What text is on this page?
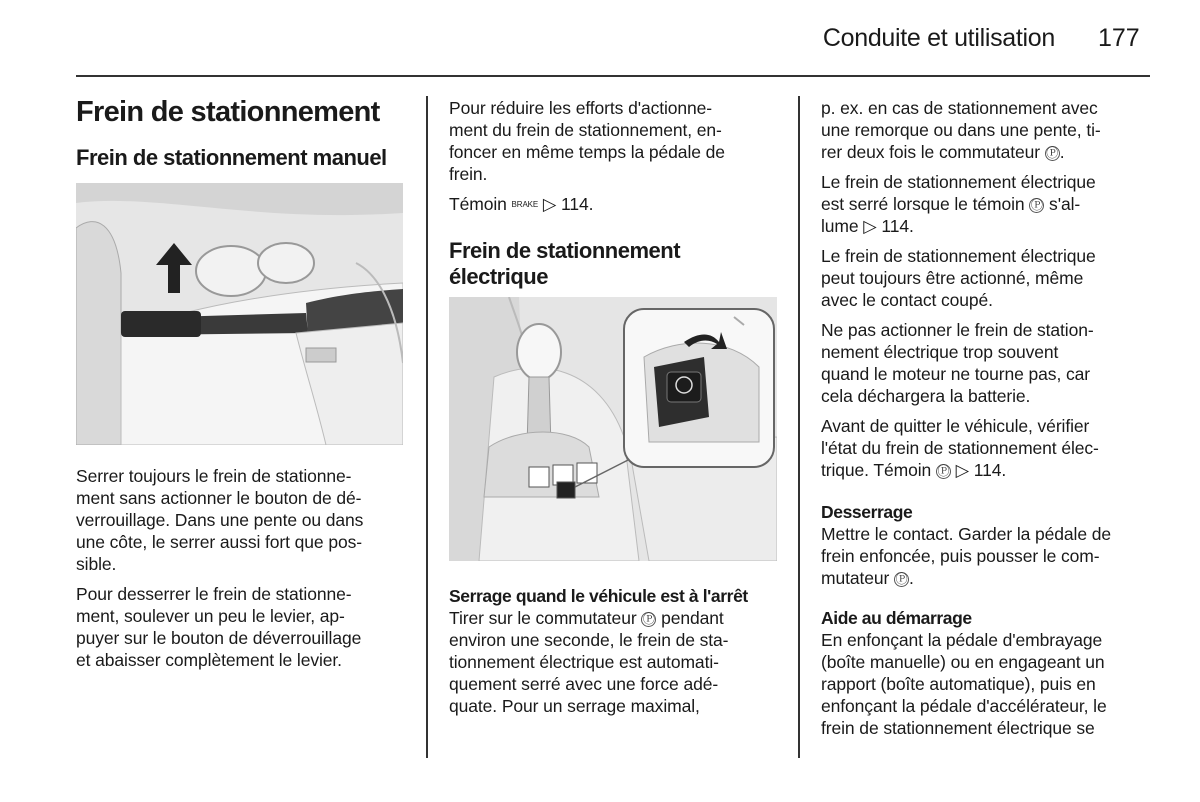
Conduite et utilisation 177
Frein de stationnement
Frein de stationnement manuel

Serrer toujours le frein de stationne-
ment sans actionner le bouton de dé-
verrouillage. Dans une pente ou dans
une côte, le serrer aussi fort que pos-
sible.

Pour desserrer le frein de stationne-
ment, soulever un peu le levier, ap-
puyer sur le bouton de déverrouillage
et abaisser complètement le levier.

Pour réduire les efforts d'actionne-
ment du frein de stationnement, en-
foncer en même temps la pédale de
frein.

Témoin BRAKE ▷ 114.

Frein de stationnement
électrique
Serrage quand le véhicule est à l'arrêt

Tirer sur le commutateur Ⓟ pendant
environ une seconde, le frein de sta-
tionnement électrique est automati-
quement serré avec une force adé-
quate. Pour un serrage maximal,

p. ex. en cas de stationnement avec
une remorque ou dans une pente, ti-
rer deux fois le commutateur Ⓟ.

Le frein de stationnement électrique
est serré lorsque le témoin Ⓟ s'al-
lume ▷ 114.

Le frein de stationnement électrique
peut toujours être actionné, même
avec le contact coupé.

Ne pas actionner le frein de station-
nement électrique trop souvent
quand le moteur ne tourne pas, car
cela déchargera la batterie.

Avant de quitter le véhicule, vérifier
l'état du frein de stationnement élec-
trique. Témoin Ⓟ ▷ 114.

Desserrage

Mettre le contact. Garder la pédale de
frein enfoncée, puis pousser le com-
mutateur Ⓟ.

Aide au démarrage

En enfonçant la pédale d'embrayage
(boîte manuelle) ou en engageant un
rapport (boîte automatique), puis en
enfonçant la pédale d'accélérateur, le
frein de stationnement électrique se
